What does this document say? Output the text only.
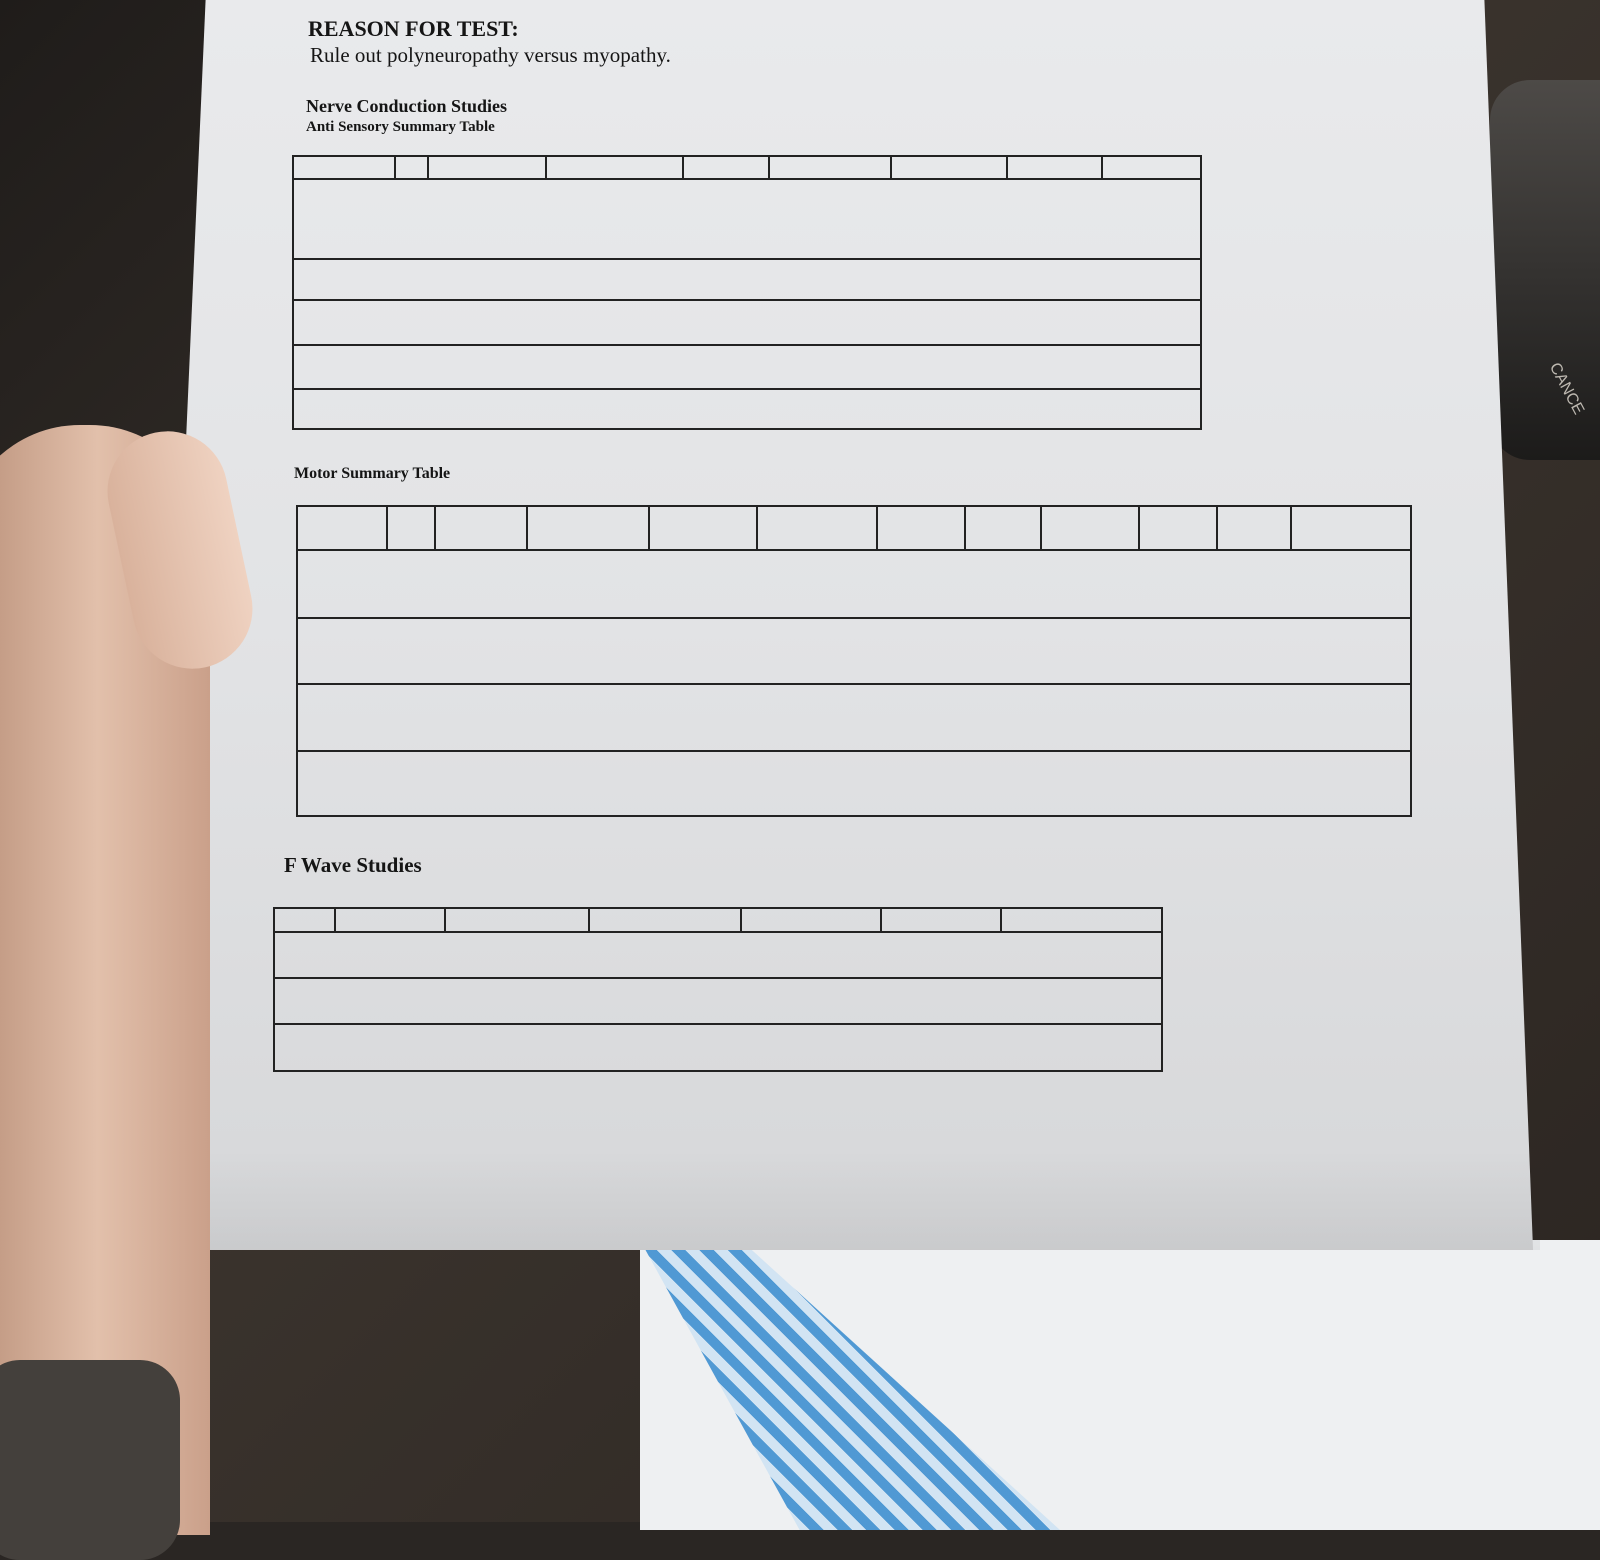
CANCE
REASON FOR TEST:
Rule out polyneuropathy versus myopathy.
Nerve Conduction Studies
Anti Sensory Summary Table
Motor Summary Table
F Wave Studies
